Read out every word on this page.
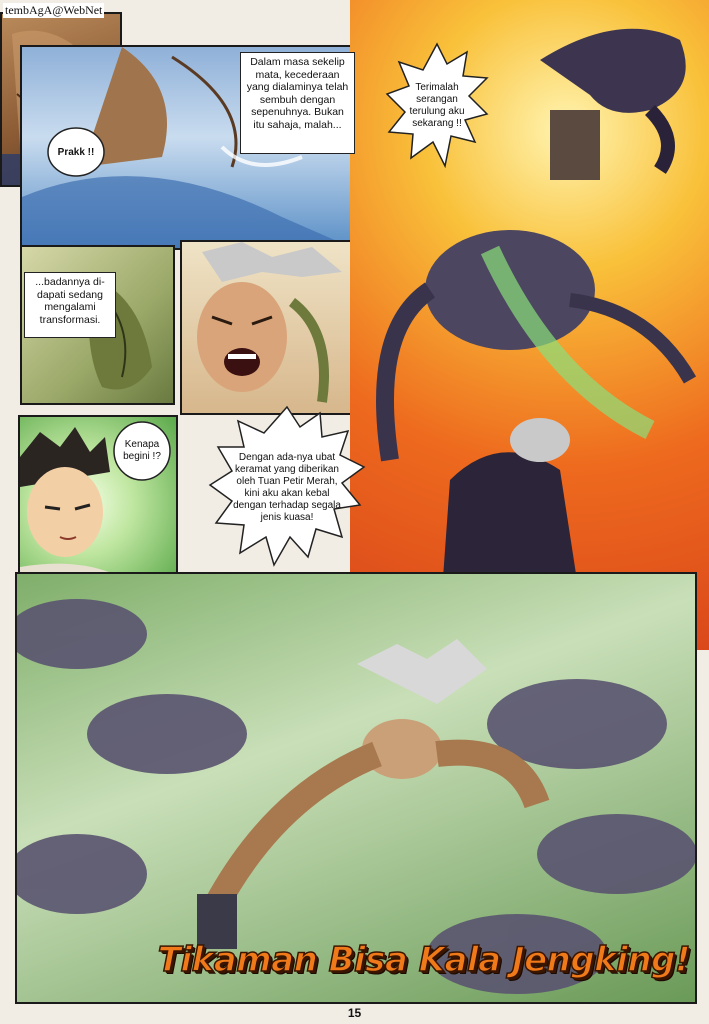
tembAgA@WebNet
Dalam masa sekelip mata, kecederaan yang dialaminya telah sembuh dengan sepenuhnya. Bukan itu sahaja, malah...
...badannya di-dapati sedang mengalami transformasi.
Prakk !!
Terimalah serangan terulung aku sekarang !!
Kenapa begini !?	Dengan ada-nya ubat keramat yang diberikan oleh Tuan Petir Merah, kini aku akan kebal dengan terhadap segala jenis kuasa!
Tikaman Bisa Kala Jengking!
15
